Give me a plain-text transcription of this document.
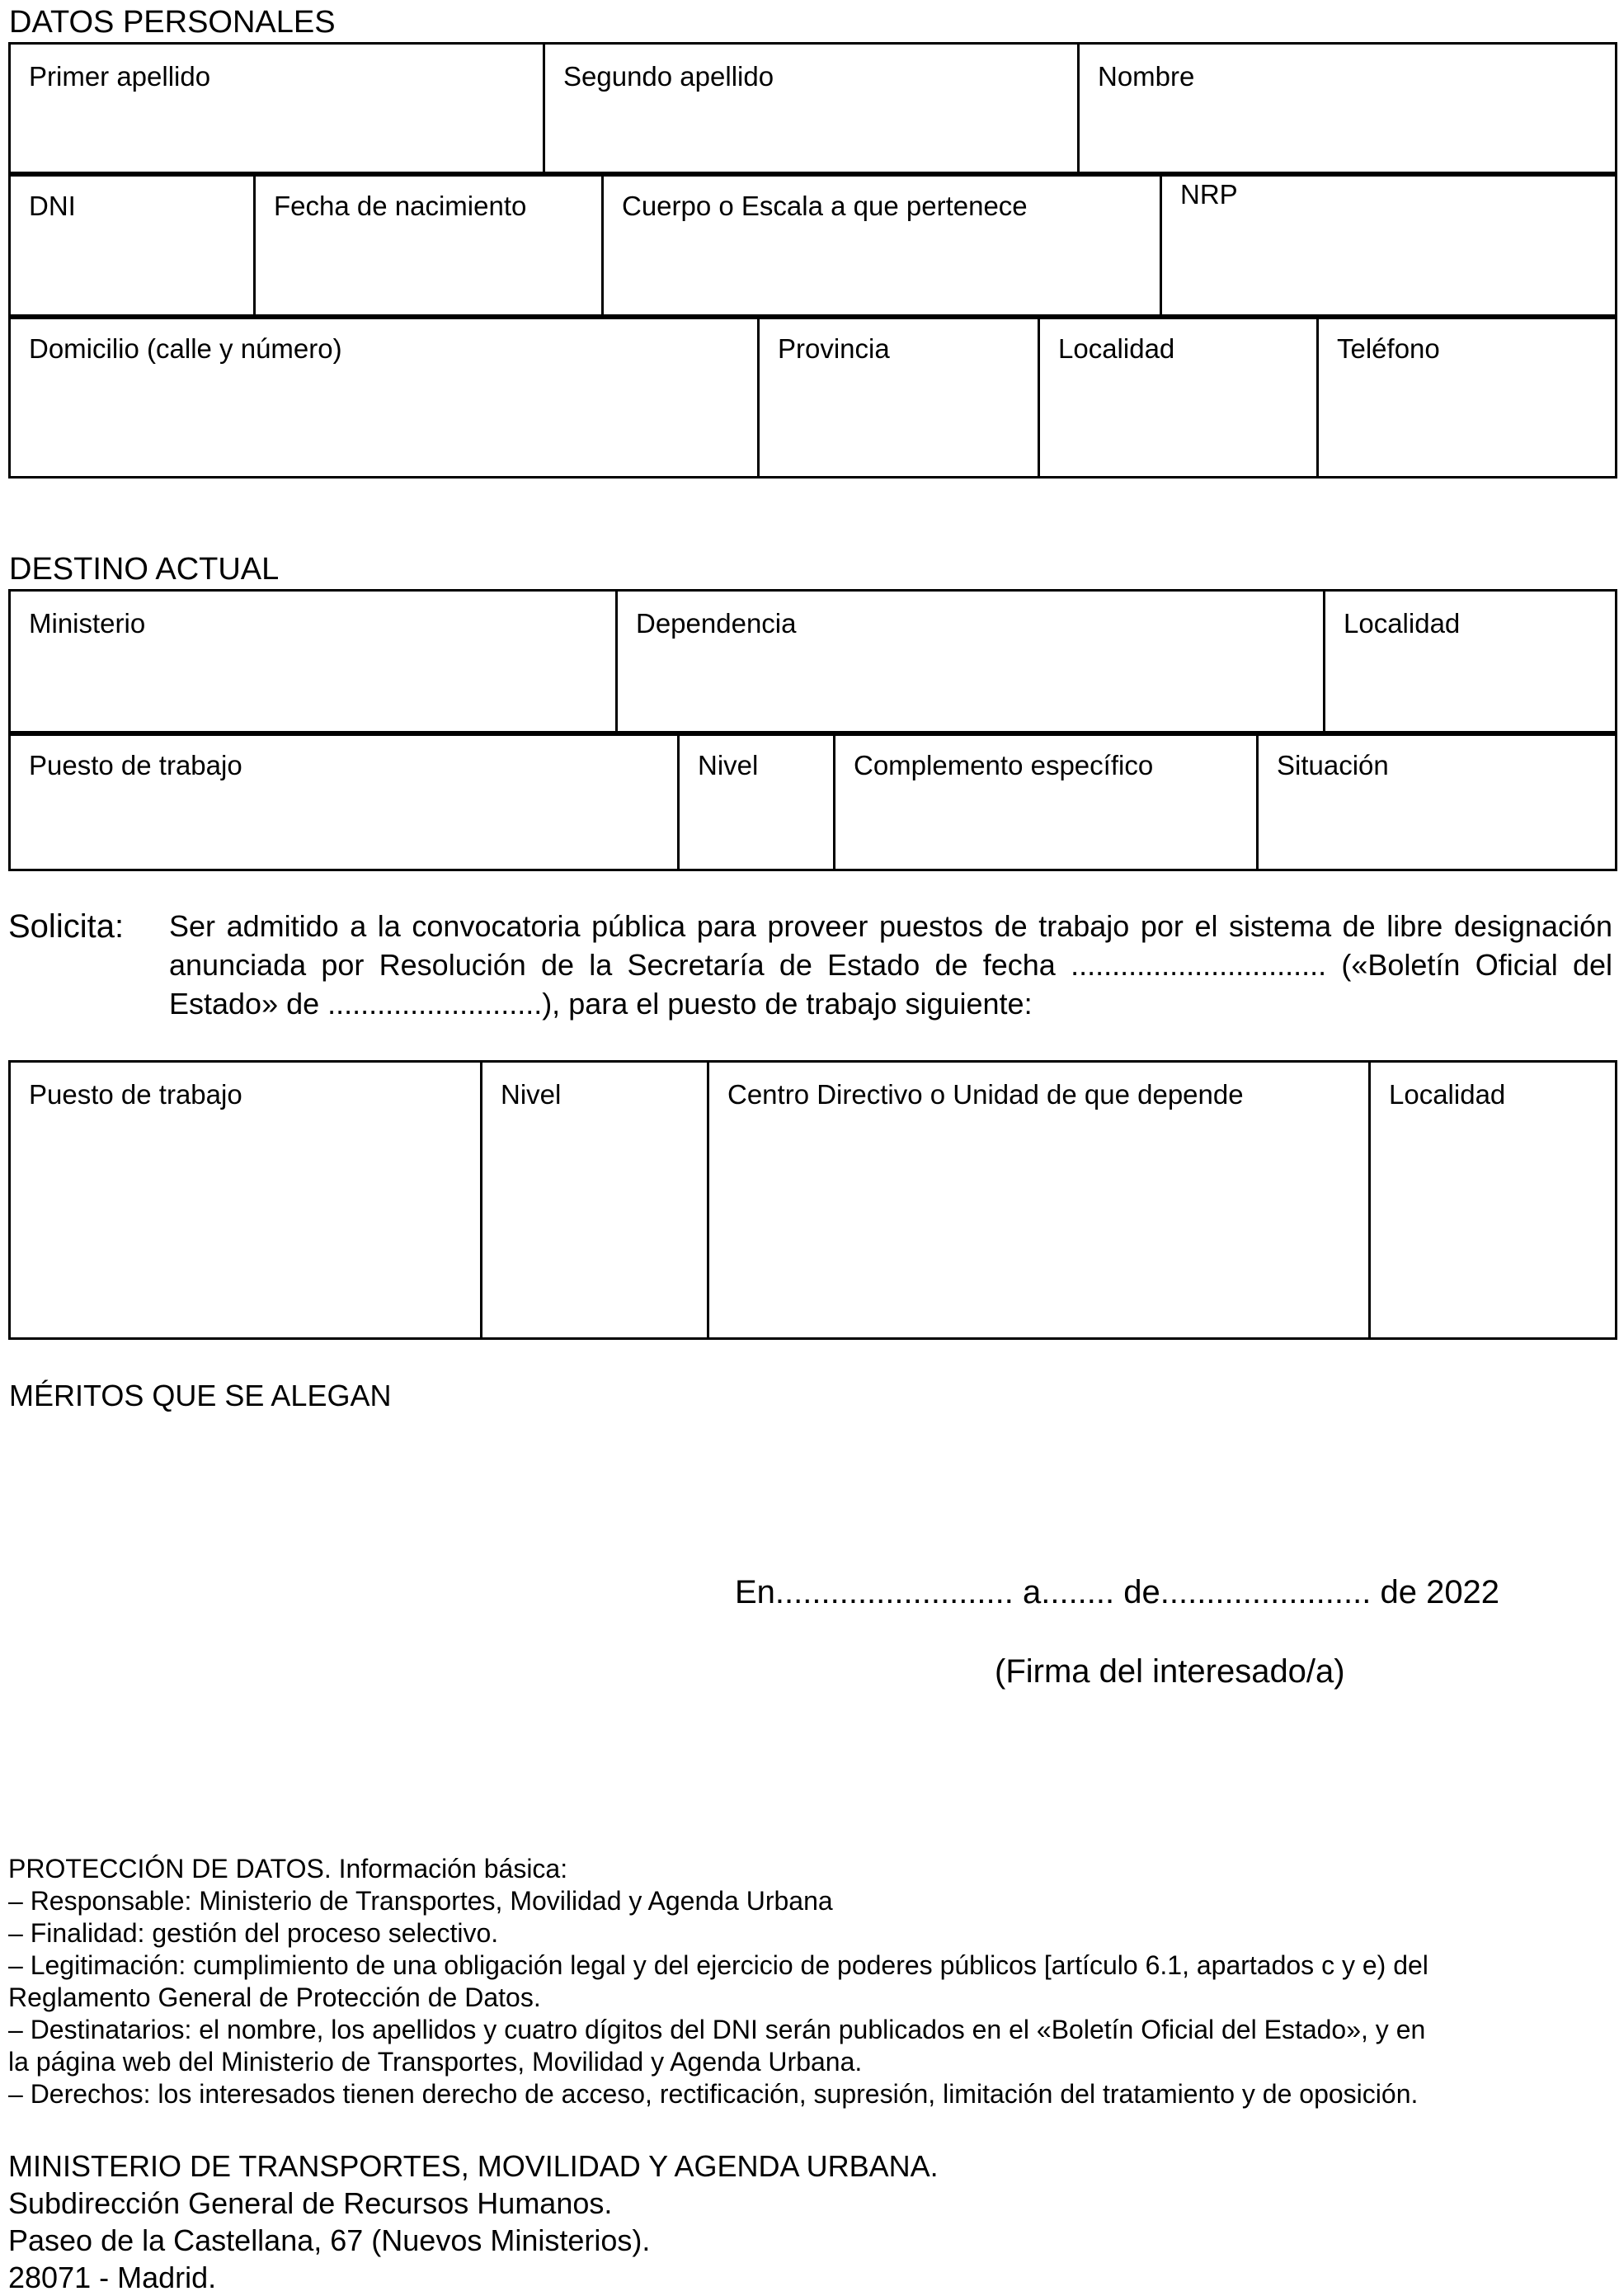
DATOS PERSONALES
Primer apellido	Segundo apellido	Nombre
DNI	Fecha de nacimiento	Cuerpo o Escala a que pertenece	NRP
Domicilio (calle y número)	Provincia	Localidad	Teléfono
DESTINO ACTUAL
Ministerio	Dependencia	Localidad
Puesto de trabajo	Nivel	Complemento específico	Situación
Solicita: Ser admitido a la convocatoria pública para proveer puestos de trabajo por el sistema de libre designación anunciada por Resolución de la Secretaría de Estado de fecha ............................... («Boletín Oficial del Estado» de ..........................), para el puesto de trabajo siguiente:
Puesto de trabajo	Nivel	Centro Directivo o Unidad de que depende	Localidad
MÉRITOS QUE SE ALEGAN
En.......................... a........ de....................... de 2022
(Firma del interesado/a)
PROTECCIÓN DE DATOS. Información básica:
– Responsable: Ministerio de Transportes, Movilidad y Agenda Urbana
– Finalidad: gestión del proceso selectivo.
– Legitimación: cumplimiento de una obligación legal y del ejercicio de poderes públicos [artículo 6.1, apartados c y e) del
Reglamento General de Protección de Datos.
– Destinatarios: el nombre, los apellidos y cuatro dígitos del DNI serán publicados en el «Boletín Oficial del Estado», y en
la página web del Ministerio de Transportes, Movilidad y Agenda Urbana.
– Derechos: los interesados tienen derecho de acceso, rectificación, supresión, limitación del tratamiento y de oposición.
MINISTERIO DE TRANSPORTES, MOVILIDAD Y AGENDA URBANA.
Subdirección General de Recursos Humanos.
Paseo de la Castellana, 67 (Nuevos Ministerios).
28071 - Madrid.
